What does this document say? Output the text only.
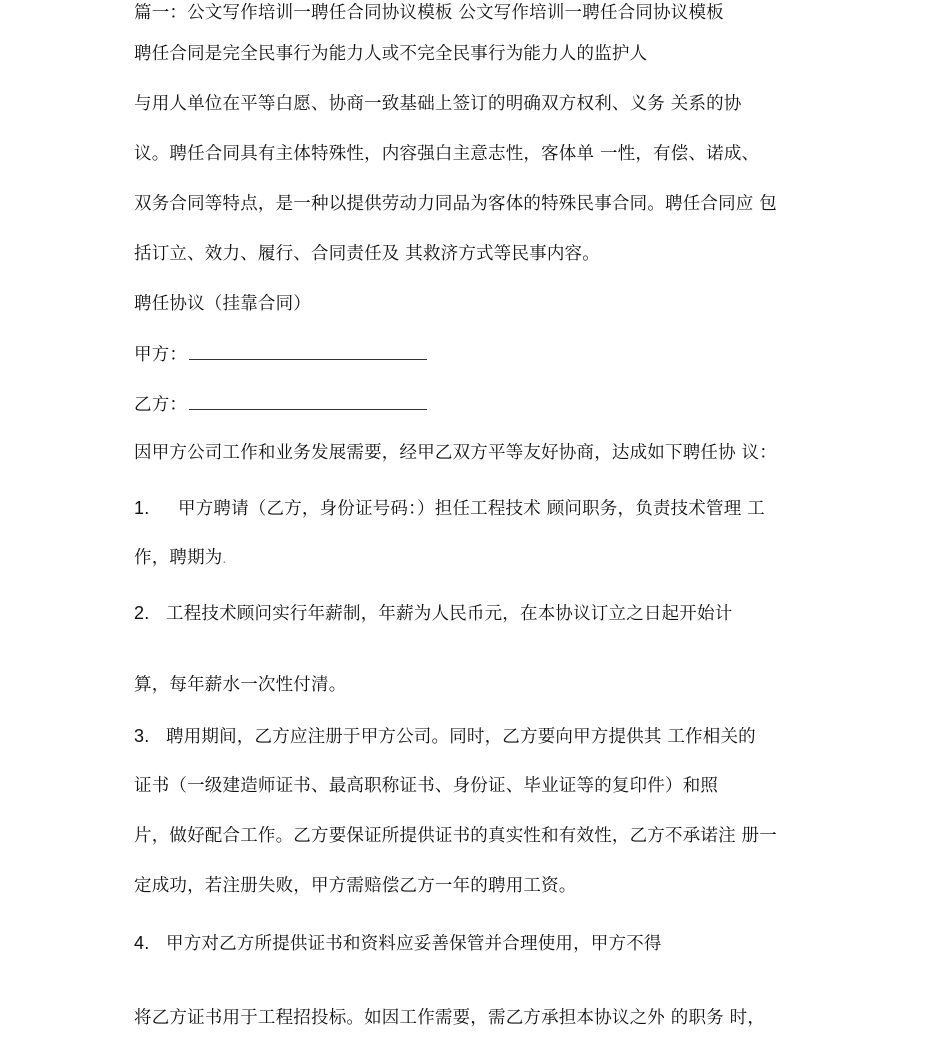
篇一：公文写作培训一聘任合同协议模板 公文写作培训一聘任合同协议模板
聘任合同是完全民事行为能力人或不完全民事行为能力人的监护人
与用人单位在平等白愿、协商一致基础上签订的明确双方权利、义务 关系的协
议。聘任合同具有主体特殊性，内容强白主意志性，客体单 一性，有偿、诺成、
双务合同等特点，是一种以提供劳动力同品为客体的特殊民事合同。聘任合同应 包
括订立、效力、履行、合同责任及 其救济方式等民事内容。
聘任协议（挂靠合同）
甲方：
乙方：
因甲方公司工作和业务发展需要，经甲乙双方平等友好协商，达成如下聘任协 议：
1. 甲方聘请（乙方，身份证号码：）担任工程技术 顾问职务，负责技术管理 工
作，聘期为.
2. 工程技术顾问实行年薪制，年薪为人民币元，在本协议订立之日起开始计
算，每年薪水一次性付清。
3. 聘用期间，乙方应注册于甲方公司。同时，乙方要向甲方提供其 工作相关的
证书（一级建造师证书、最高职称证书、身份证、毕业证等的复印件）和照
片，做好配合工作。乙方要保证所提供证书的真实性和有效性，乙方不承诺注 册一
定成功，若注册失败，甲方需赔偿乙方一年的聘用工资。
4. 甲方对乙方所提供证书和资料应妥善保管并合理使用，甲方不得
将乙方证书用于工程招投标。如因工作需要，需乙方承担本协议之外 的职务 时，
